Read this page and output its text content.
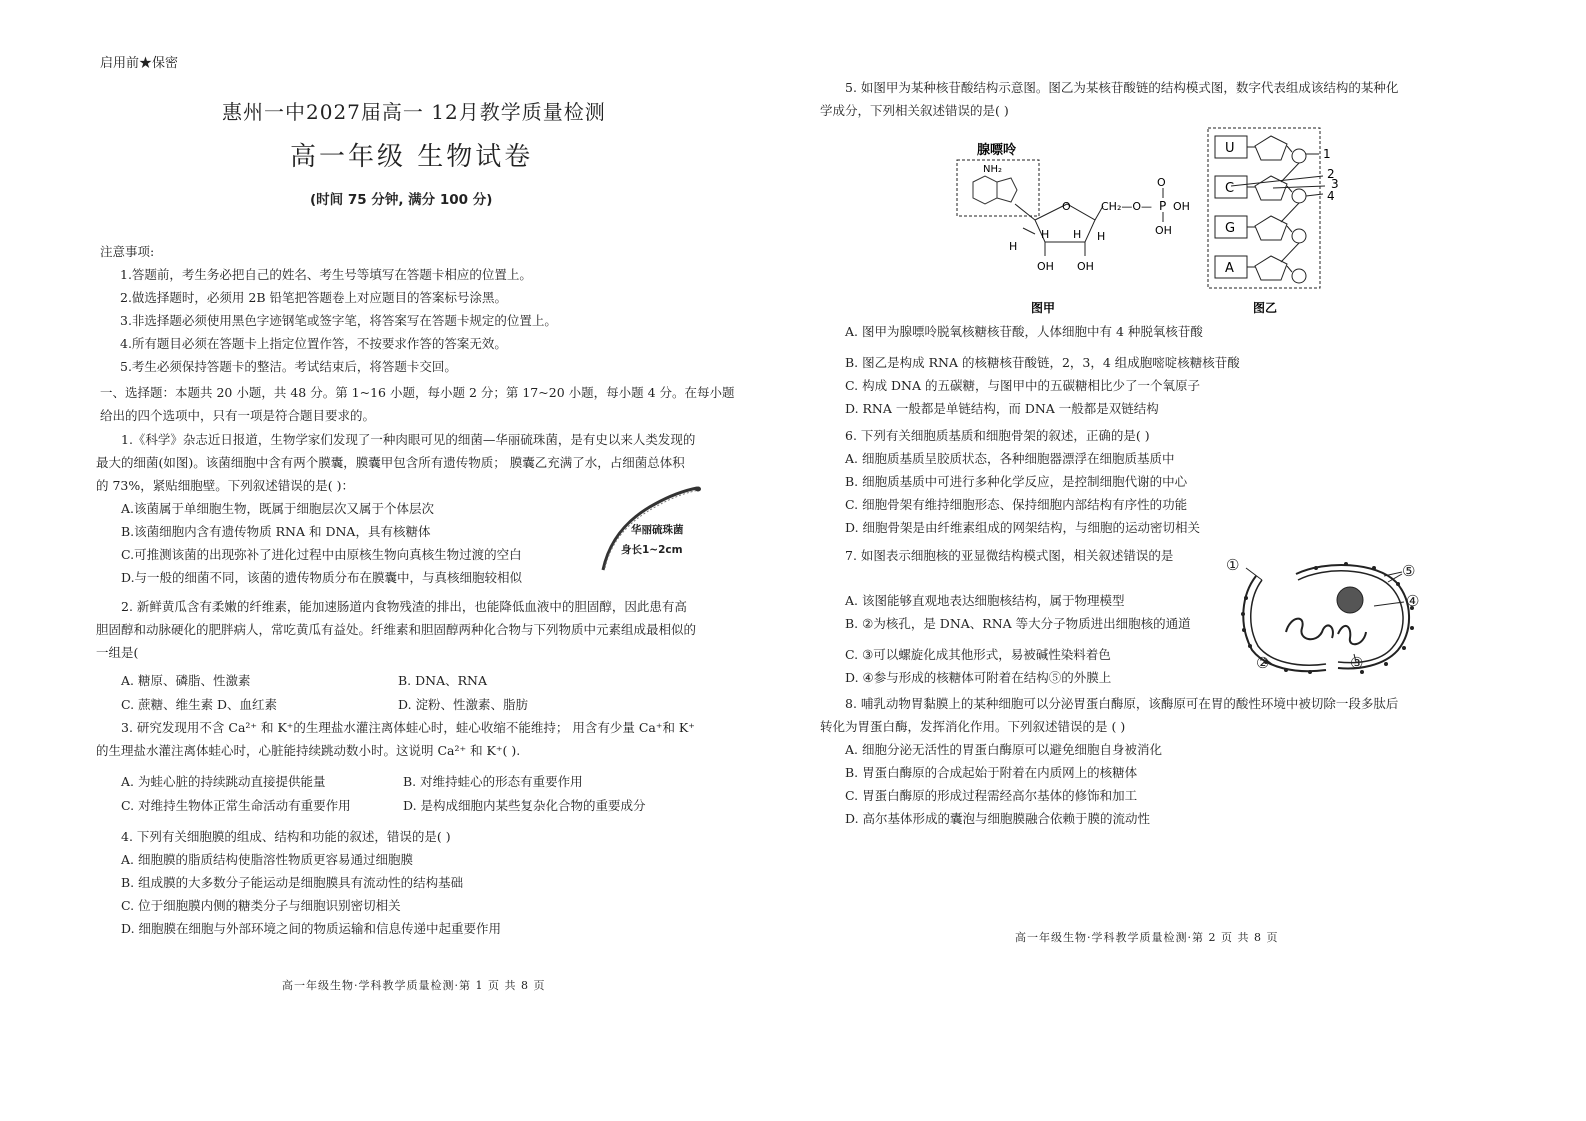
启用前★保密
惠州一中2027届高一 12月教学质量检测
高一年级 生物试卷
(时间 75 分钟, 满分 100 分)
注意事项:
1.答题前，考生务必把自己的姓名、考生号等填写在答题卡相应的位置上。
2.做选择题时，必须用 2B 铅笔把答题卷上对应题目的答案标号涂黑。
3.非选择题必须使用黑色字迹钢笔或签字笔，将答案写在答题卡规定的位置上。
4.所有题目必须在答题卡上指定位置作答，不按要求作答的答案无效。
5.考生必须保持答题卡的整洁。考试结束后，将答题卡交回。
一、选择题：本题共 20 小题，共 48 分。第 1~16 小题，每小题 2 分；第 17~20 小题，每小题 4 分。在每小题
给出的四个选项中，只有一项是符合题目要求的。
1.《科学》杂志近日报道，生物学家们发现了一种肉眼可见的细菌—华丽硫珠菌，是有史以来人类发现的
最大的细菌(如图)。该菌细胞中含有两个膜囊，膜囊甲包含所有遗传物质； 膜囊乙充满了水，占细菌总体积
的 73%，紧贴细胞壁。下列叙述错误的是( )：
A.该菌属于单细胞生物，既属于细胞层次又属于个体层次
B.该菌细胞内含有遗传物质 RNA 和 DNA，具有核糖体
C.可推测该菌的出现弥补了进化过程中由原核生物向真核生物过渡的空白
D.与一般的细菌不同，该菌的遗传物质分布在膜囊中，与真核细胞较相似
华丽硫珠菌
身长1~2cm
2. 新鲜黄瓜含有柔嫩的纤维素，能加速肠道内食物残渣的排出，也能降低血液中的胆固醇，因此患有高
胆固醇和动脉硬化的肥胖病人，常吃黄瓜有益处。纤维素和胆固醇两种化合物与下列物质中元素组成最相似的
一组是(
A. 糖原、磷脂、性激素	B. DNA、RNA
C. 蔗糖、维生素 D、血红素	D. 淀粉、性激素、脂肪
3. 研究发现用不含 Ca²⁺ 和 K⁺的生理盐水灌注离体蛙心时，蛙心收缩不能维持； 用含有少量 Ca⁺和 K⁺
的生理盐水灌注离体蛙心时，心脏能持续跳动数小时。这说明 Ca²⁺ 和 K⁺( ).
A. 为蛙心脏的持续跳动直接提供能量	B. 对维持蛙心的形态有重要作用
C. 对维持生物体正常生命活动有重要作用	D. 是构成细胞内某些复杂化合物的重要成分
4. 下列有关细胞膜的组成、结构和功能的叙述，错误的是( )
A. 细胞膜的脂质结构使脂溶性物质更容易通过细胞膜
B. 组成膜的大多数分子能运动是细胞膜具有流动性的结构基础
C. 位于细胞膜内侧的糖类分子与细胞识别密切相关
D. 细胞膜在细胞与外部环境之间的物质运输和信息传递中起重要作用
高一年级生物·学科教学质量检测·第 1 页 共 8 页
5. 如图甲为某种核苷酸结构示意图。图乙为某核苷酸链的结构模式图，数字代表组成该结构的某种化
学成分，下列相关叙述错误的是( )
腺嘌呤
NH₂
O
H
H H
OH OH
H
CH₂—O— P OH
OH
O
图甲
U
C
G
A
1
2
3
4
图乙
A. 图甲为腺嘌呤脱氧核糖核苷酸，人体细胞中有 4 种脱氧核苷酸
B. 图乙是构成 RNA 的核糖核苷酸链，2，3，4 组成胞嘧啶核糖核苷酸
C. 构成 DNA 的五碳糖，与图甲中的五碳糖相比少了一个氧原子
D. RNA 一般都是单链结构，而 DNA 一般都是双链结构
6. 下列有关细胞质基质和细胞骨架的叙述，正确的是( )
A. 细胞质基质呈胶质状态，各种细胞器漂浮在细胞质基质中
B. 细胞质基质中可进行多种化学反应，是控制细胞代谢的中心
C. 细胞骨架有维持细胞形态、保持细胞内部结构有序性的功能
D. 细胞骨架是由纤维素组成的网架结构，与细胞的运动密切相关
7. 如图表示细胞核的亚显微结构模式图，相关叙述错误的是
A. 该图能够直观地表达细胞核结构，属于物理模型
B. ②为核孔，是 DNA、RNA 等大分子物质进出细胞核的通道
C. ③可以螺旋化成其他形式，易被碱性染料着色
D. ④参与形成的核糖体可附着在结构⑤的外膜上
①
②	③
④
⑤
8. 哺乳动物胃黏膜上的某种细胞可以分泌胃蛋白酶原，该酶原可在胃的酸性环境中被切除一段多肽后
转化为胃蛋白酶，发挥消化作用。下列叙述错误的是 ( )
A. 细胞分泌无活性的胃蛋白酶原可以避免细胞自身被消化
B. 胃蛋白酶原的合成起始于附着在内质网上的核糖体
C. 胃蛋白酶原的形成过程需经高尔基体的修饰和加工
D. 高尔基体形成的囊泡与细胞膜融合依赖于膜的流动性
高一年级生物·学科教学质量检测·第 2 页 共 8 页
